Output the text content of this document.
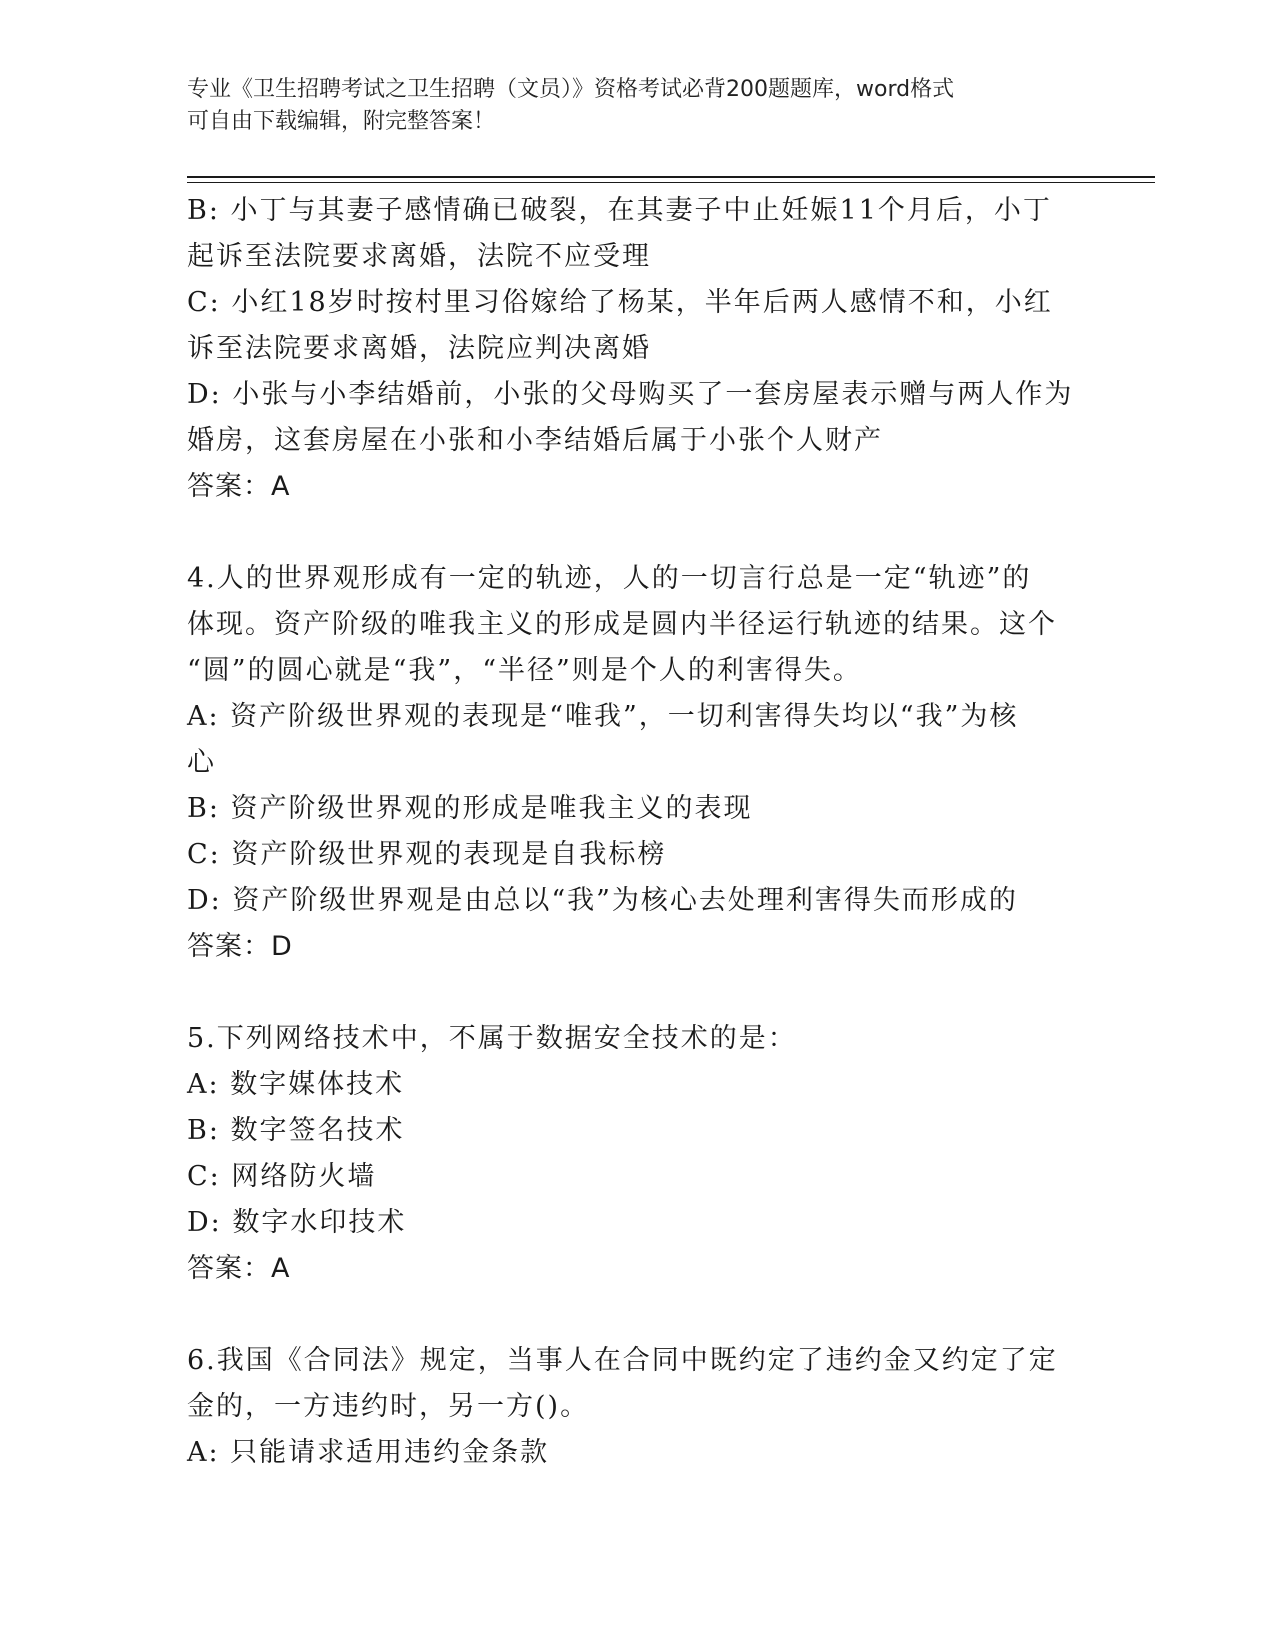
专业《卫生招聘考试之卫生招聘（文员）》资格考试必背200题题库，word格式
可自由下载编辑，附完整答案！
B: 小丁与其妻子感情确已破裂，在其妻子中止妊娠11个月后，小丁
起诉至法院要求离婚，法院不应受理
C: 小红18岁时按村里习俗嫁给了杨某，半年后两人感情不和，小红
诉至法院要求离婚，法院应判决离婚
D: 小张与小李结婚前，小张的父母购买了一套房屋表示赠与两人作为
婚房，这套房屋在小张和小李结婚后属于小张个人财产
答案：A
4.人的世界观形成有一定的轨迹，人的一切言行总是一定“轨迹”的
体现。资产阶级的唯我主义的形成是圆内半径运行轨迹的结果。这个
“圆”的圆心就是“我”，“半径”则是个人的利害得失。
A: 资产阶级世界观的表现是“唯我”，一切利害得失均以“我”为核
心
B: 资产阶级世界观的形成是唯我主义的表现
C: 资产阶级世界观的表现是自我标榜
D: 资产阶级世界观是由总以“我”为核心去处理利害得失而形成的
答案：D
5.下列网络技术中，不属于数据安全技术的是：
A: 数字媒体技术
B: 数字签名技术
C: 网络防火墙
D: 数字水印技术
答案：A
6.我国《合同法》规定，当事人在合同中既约定了违约金又约定了定
金的，一方违约时，另一方()。
A: 只能请求适用违约金条款
